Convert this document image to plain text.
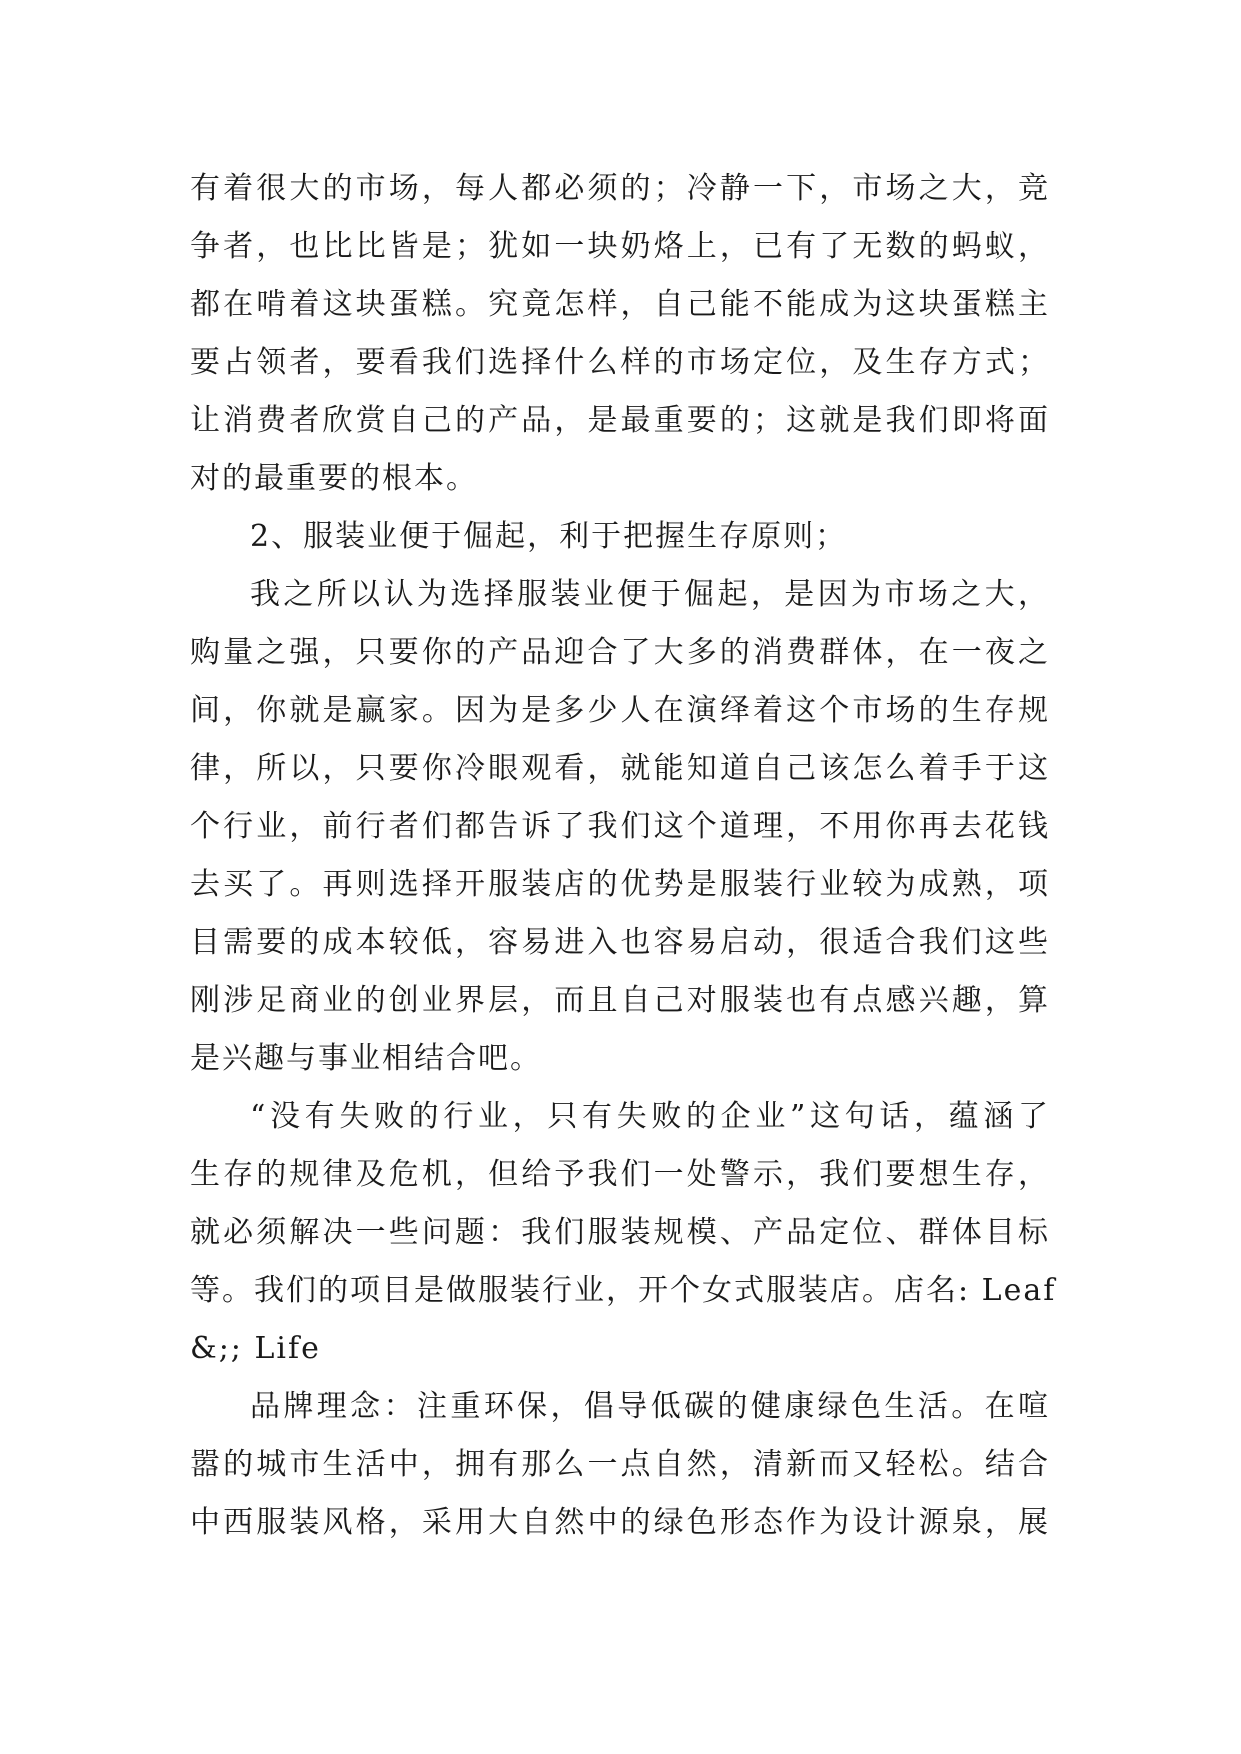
有着很大的市场，每人都必须的；冷静一下，市场之大，竞
争者，也比比皆是；犹如一块奶烙上，已有了无数的蚂蚁，
都在啃着这块蛋糕。究竟怎样，自己能不能成为这块蛋糕主
要占领者，要看我们选择什么样的市场定位，及生存方式；
让消费者欣赏自己的产品，是最重要的；这就是我们即将面
对的最重要的根本。
2、服装业便于倔起，利于把握生存原则；
我之所以认为选择服装业便于倔起，是因为市场之大，
购量之强，只要你的产品迎合了大多的消费群体，在一夜之
间，你就是赢家。因为是多少人在演绎着这个市场的生存规
律，所以，只要你冷眼观看，就能知道自己该怎么着手于这
个行业，前行者们都告诉了我们这个道理，不用你再去花钱
去买了。再则选择开服装店的优势是服装行业较为成熟，项
目需要的成本较低，容易进入也容易启动，很适合我们这些
刚涉足商业的创业界层，而且自己对服装也有点感兴趣，算
是兴趣与事业相结合吧。
“没有失败的行业，只有失败的企业”这句话，蕴涵了
生存的规律及危机，但给予我们一处警示，我们要想生存，
就必须解决一些问题：我们服装规模、产品定位、群体目标
等。我们的项目是做服装行业，开个女式服装店。店名: Leaf
&;; Life
品牌理念：注重环保，倡导低碳的健康绿色生活。在喧
嚣的城市生活中，拥有那么一点自然，清新而又轻松。结合
中西服装风格，采用大自然中的绿色形态作为设计源泉，展
